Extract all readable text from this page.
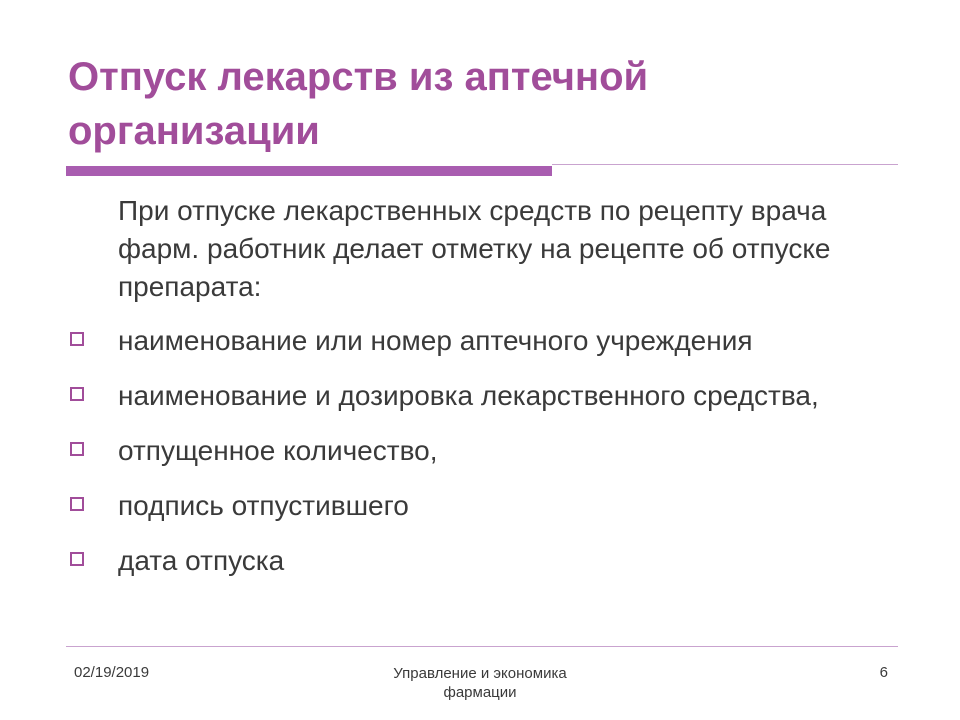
Отпуск лекарств из аптечной организации

При отпуске лекарственных средств по рецепту врача фарм. работник делает отметку на рецепте об отпуске препарата:

наименование или номер аптечного учреждения
наименование и дозировка лекарственного средства,
отпущенное количество,
подпись отпустившего
дата отпуска
02/19/2019	Управление и экономика фармации
6
